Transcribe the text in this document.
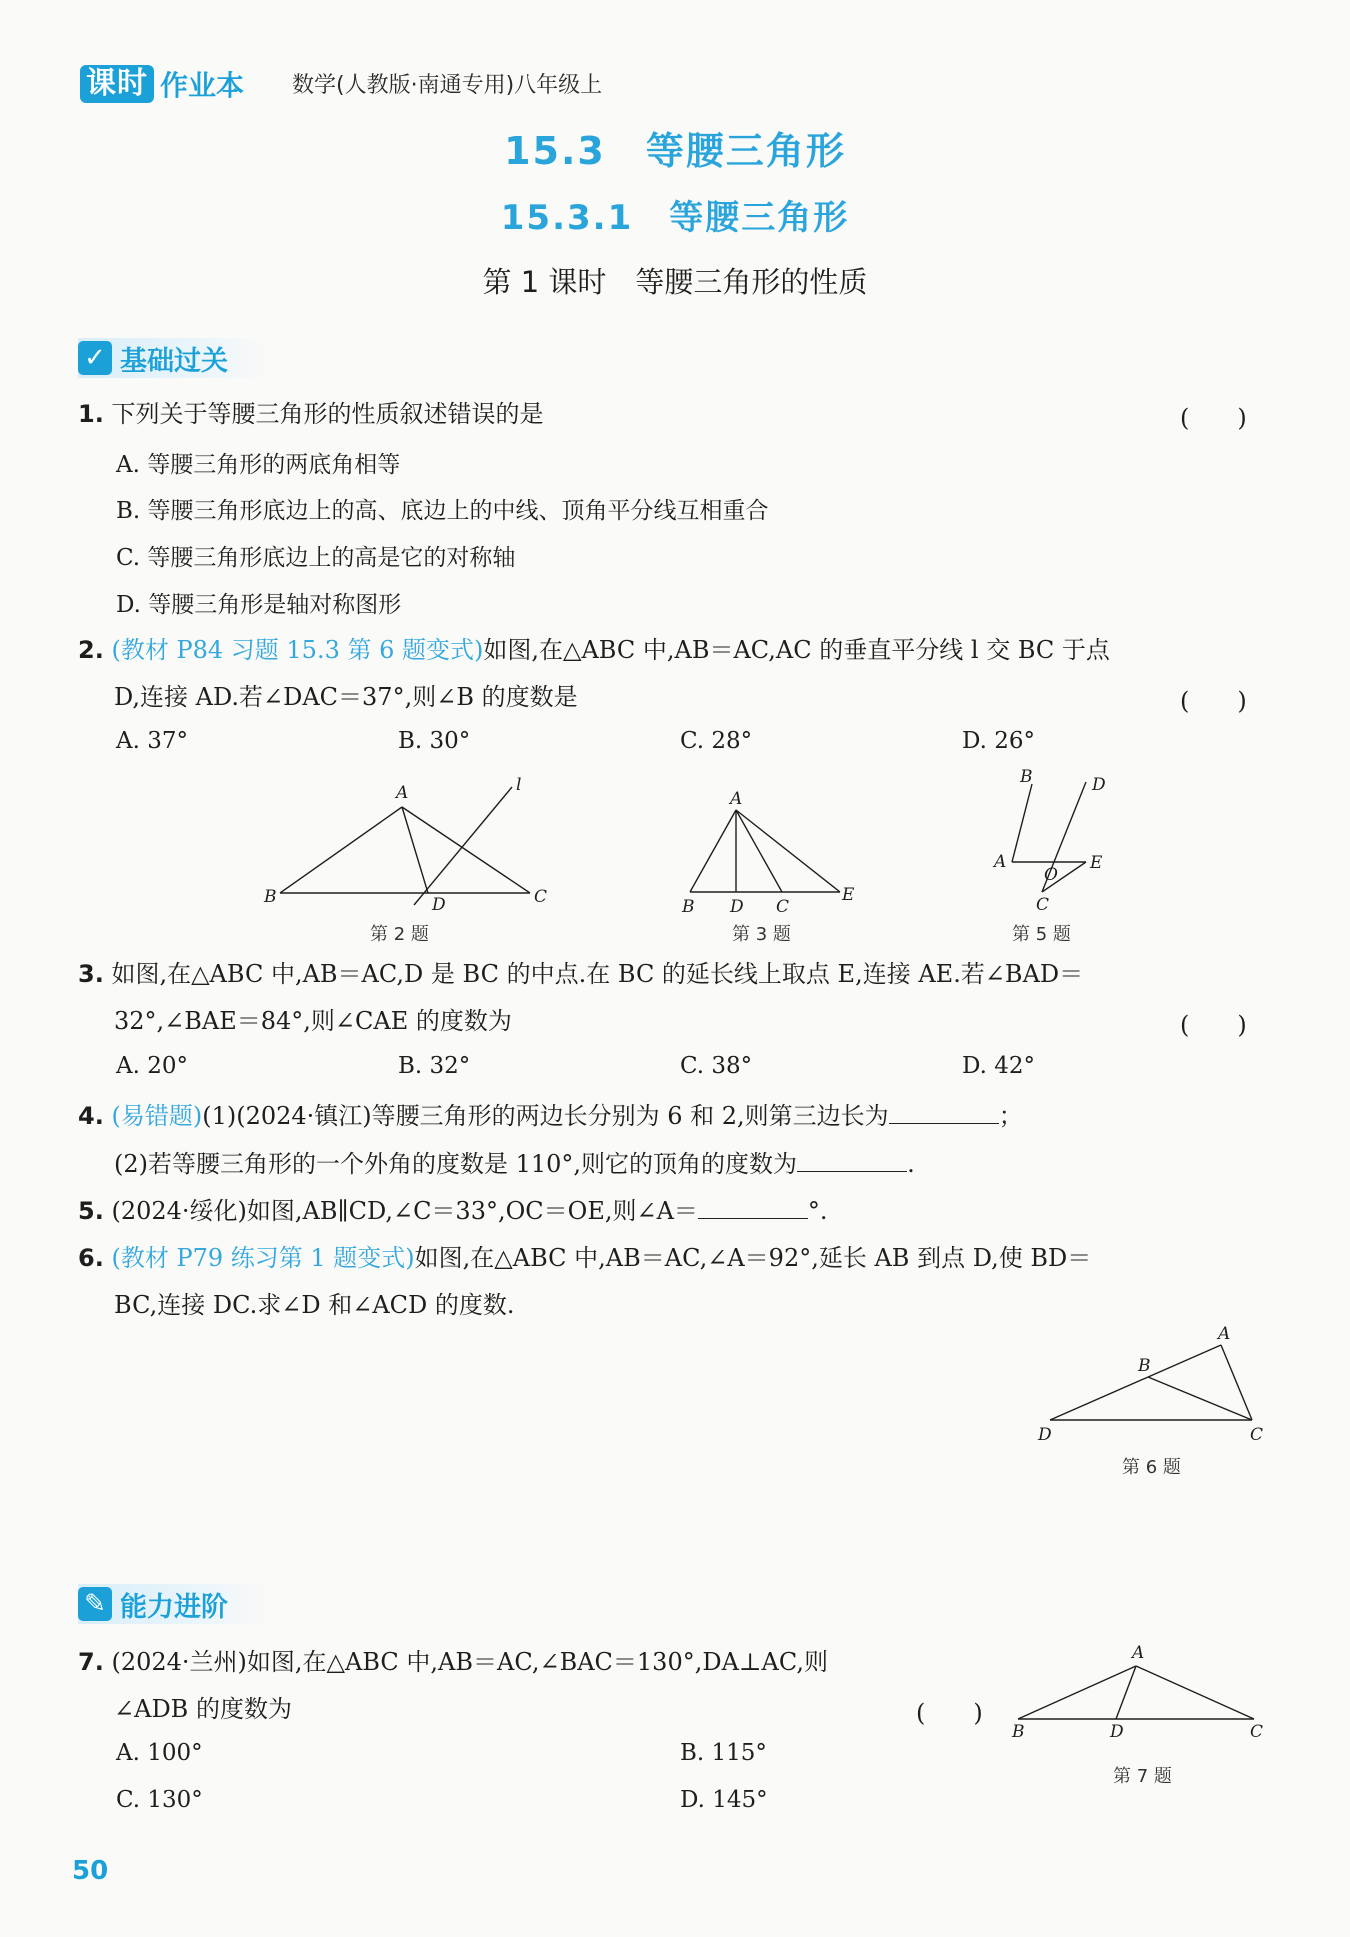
课时 作业本 数学(人教版·南通专用)八年级上
15.3　等腰三角形
15.3.1　等腰三角形
第 1 课时　等腰三角形的性质
✓ 基础过关
1. 下列关于等腰三角形的性质叙述错误的是	(　　)
A. 等腰三角形的两底角相等
B. 等腰三角形底边上的高、底边上的中线、顶角平分线互相重合
C. 等腰三角形底边上的高是它的对称轴
D. 等腰三角形是轴对称图形
2. (教材 P84 习题 15.3 第 6 题变式)如图,在△ABC 中,AB＝AC,AC 的垂直平分线 l 交 BC 于点
D,连接 AD.若∠DAC＝37°,则∠B 的度数是	(　　)
A. 37°	B. 30°	C. 28°	D. 26°
A
B	C
D
l
第 2 题
A
B D C
E
第 3 题
B	D
A
O
E
C
第 5 题
3. 如图,在△ABC 中,AB＝AC,D 是 BC 的中点.在 BC 的延长线上取点 E,连接 AE.若∠BAD＝
32°,∠BAE＝84°,则∠CAE 的度数为	(　　)
A. 20°	B. 32°	C. 38°	D. 42°
4. (易错题)(1)(2024·镇江)等腰三角形的两边长分别为 6 和 2,则第三边长为	；
(2)若等腰三角形的一个外角的度数是 110°,则它的顶角的度数为	.
5. (2024·绥化)如图,AB∥CD,∠C＝33°,OC＝OE,则∠A＝	°.
6. (教材 P79 练习第 1 题变式)如图,在△ABC 中,AB＝AC,∠A＝92°,延长 AB 到点 D,使 BD＝
BC,连接 DC.求∠D 和∠ACD 的度数.
A
B
D	C
第 6 题
✎ 能力进阶
7. (2024·兰州)如图,在△ABC 中,AB＝AC,∠BAC＝130°,DA⊥AC,则
∠ADB 的度数为	(　　)
A. 100°	B. 115°
C. 130°	D. 145°
A
B	D	C
第 7 题
50
